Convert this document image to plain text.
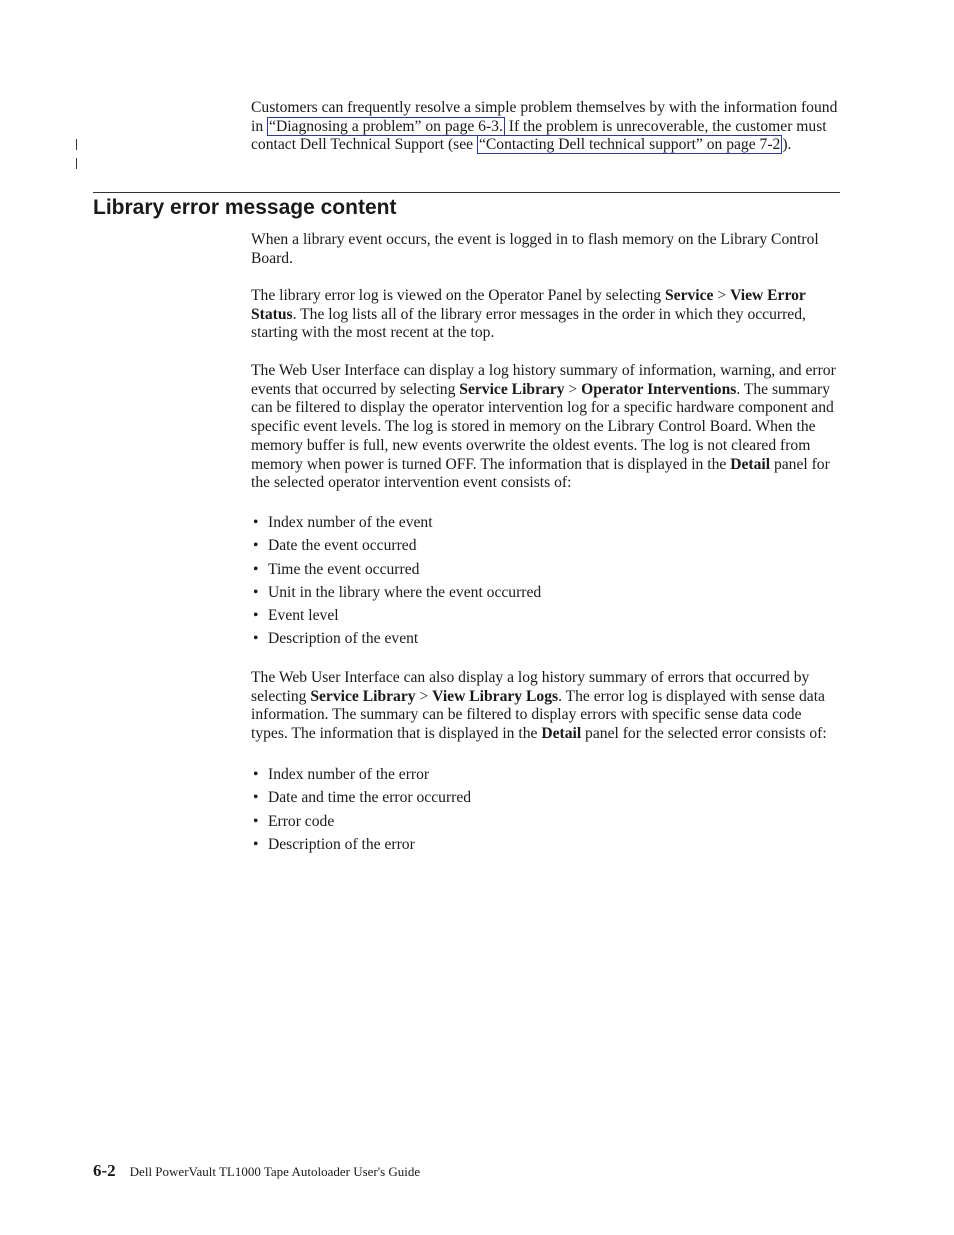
Customers can frequently resolve a simple problem themselves by with the information found in “Diagnosing a problem” on page 6-3. If the problem is unrecoverable, the customer must contact Dell Technical Support (see “Contacting Dell technical support” on page 7-2 ).

Library error message content

When a library event occurs, the event is logged in to flash memory on the Library Control Board.

The library error log is viewed on the Operator Panel by selecting Service > View Error Status. The log lists all of the library error messages in the order in which they occurred, starting with the most recent at the top.

The Web User Interface can display a log history summary of information, warning, and error events that occurred by selecting Service Library > Operator Interventions. The summary can be filtered to display the operator intervention log for a specific hardware component and specific event levels. The log is stored in memory on the Library Control Board. When the memory buffer is full, new events overwrite the oldest events. The log is not cleared from memory when power is turned OFF. The information that is displayed in the Detail panel for the selected operator intervention event consists of:

• Index number of the event
• Date the event occurred
• Time the event occurred
• Unit in the library where the event occurred
• Event level
• Description of the event

The Web User Interface can also display a log history summary of errors that occurred by selecting Service Library > View Library Logs. The error log is displayed with sense data information. The summary can be filtered to display errors with specific sense data code types. The information that is displayed in the Detail panel for the selected error consists of:

• Index number of the error
• Date and time the error occurred
• Error code
• Description of the error
6-2 Dell PowerVault TL1000 Tape Autoloader User's Guide
